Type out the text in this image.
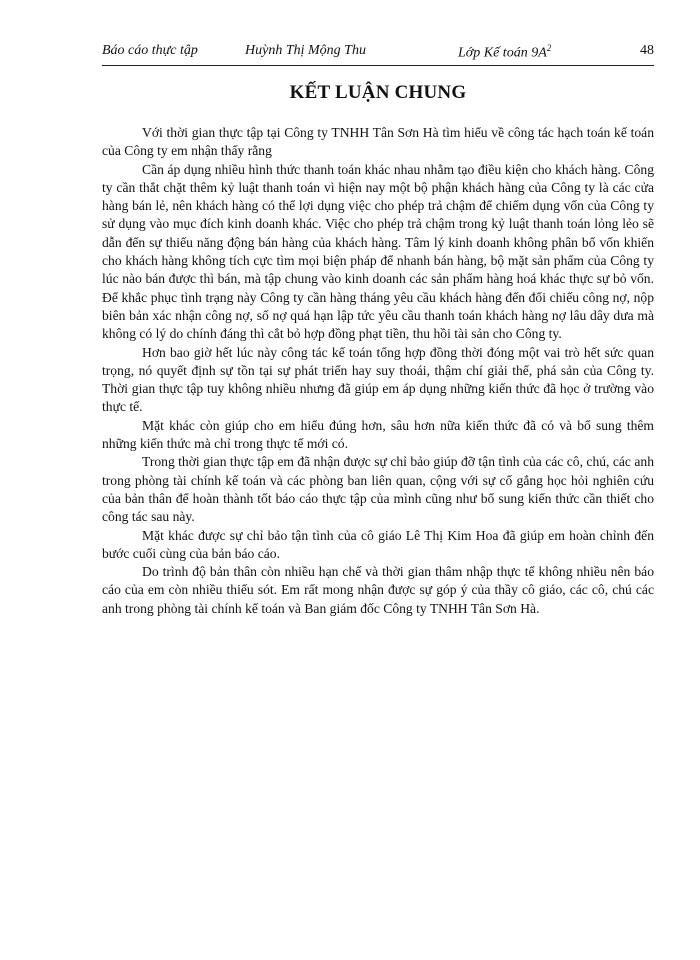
Báo cáo thực tập	Huỳnh Thị Mộng Thu	Lớp Kế toán $9A^2$	48
KẾT LUẬN CHUNG

Với thời gian thực tập tại Công ty TNHH Tân Sơn Hà tìm hiểu về công tác hạch toán kế toán của Công ty em nhận thấy rằng

Cần áp dụng nhiều hình thức thanh toán khác nhau nhằm tạo điều kiện cho khách hàng. Công ty cần thắt chặt thêm kỷ luật thanh toán vì hiện nay một bộ phận khách hàng của Công ty là các cửa hàng bán lẻ, nên khách hàng có thể lợi dụng việc cho phép trả chậm để chiếm dụng vốn của Công ty sử dụng vào mục đích kinh doanh khác. Việc cho phép trả chậm trong kỷ luật thanh toán lỏng lẻo sẽ dẫn đến sự thiếu năng động bán hàng của khách hàng. Tâm lý kinh doanh không phân bổ vốn khiến cho khách hàng không tích cực tìm mọi biện pháp để nhanh bán hàng, bộ mặt sản phẩm của Công ty lúc nào bán được thì bán, mà tập chung vào kinh doanh các sản phẩm hàng hoá khác thực sự bỏ vốn. Để khắc phục tình trạng này Công ty cần hàng tháng yêu cầu khách hàng đến đối chiếu công nợ, nộp biên bản xác nhận công nợ, số nợ quá hạn lập tức yêu cầu thanh toán khách hàng nợ lâu dây dưa mà không có lý do chính đáng thì cắt bỏ hợp đồng phạt tiền, thu hồi tài sản cho Công ty.

Hơn bao giờ hết lúc này công tác kế toán tổng hợp đồng thời đóng một vai trò hết sức quan trọng, nó quyết định sự tồn tại sự phát triển hay suy thoái, thậm chí giải thể, phá sản của Công ty. Thời gian thực tập tuy không nhiều nhưng đã giúp em áp dụng những kiến thức đã học ở trường vào thực tế.

Mặt khác còn giúp cho em hiểu đúng hơn, sâu hơn nữa kiến thức đã có và bổ sung thêm những kiến thức mà chỉ trong thực tế mới có.

Trong thời gian thực tập em đã nhận được sự chỉ bảo giúp đỡ tận tình của các cô, chú, các anh trong phòng tài chính kế toán và các phòng ban liên quan, cộng với sự cố gắng học hỏi nghiên cứu của bản thân để hoàn thành tốt báo cáo thực tập của mình cũng như bổ sung kiến thức cần thiết cho công tác sau này.

Mặt khác được sự chỉ bảo tận tình của cô giáo Lê Thị Kim Hoa đã giúp em hoàn chỉnh đến bước cuối cùng của bản báo cáo.

Do trình độ bản thân còn nhiều hạn chế và thời gian thâm nhập thực tế không nhiều nên báo cáo của em còn nhiều thiếu sót. Em rất mong nhận được sự góp ý của thầy cô giáo, các cô, chú các anh trong phòng tài chính kế toán và Ban giám đốc Công ty TNHH Tân Sơn Hà.
